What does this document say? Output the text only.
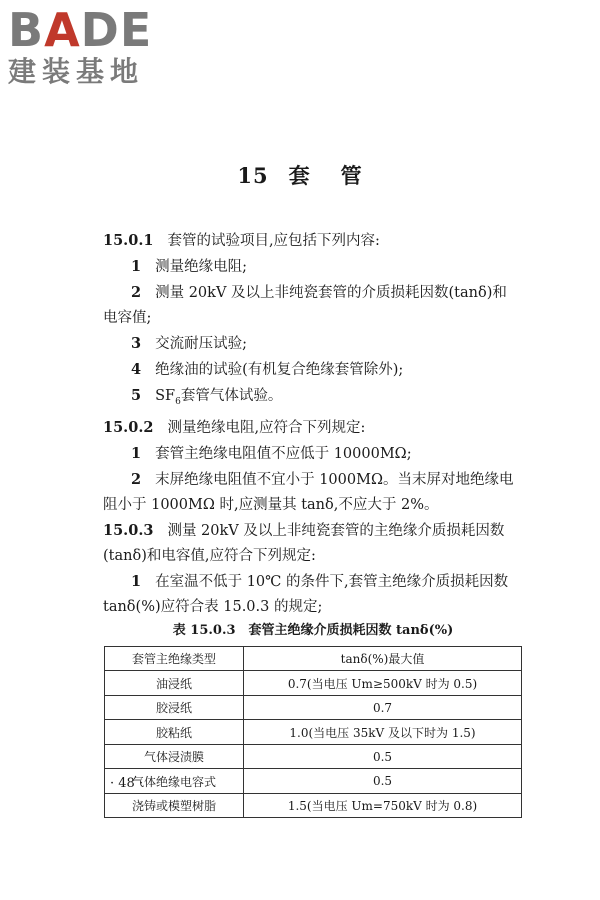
BADE
建装基地
15 套 管

15.0.1 套管的试验项目,应包括下列内容:

1 测量绝缘电阻;

2 测量 20kV 及以上非纯瓷套管的介质损耗因数(tanδ)和

电容值;

3 交流耐压试验;

4 绝缘油的试验(有机复合绝缘套管除外);

5 $SF_6$套管气体试验。

15.0.2 测量绝缘电阻,应符合下列规定:

1 套管主绝缘电阻值不应低于 10000MΩ;

2 末屏绝缘电阻值不宜小于 1000MΩ。当末屏对地绝缘电

阻小于 1000MΩ 时,应测量其 tanδ,不应大于 2%。

15.0.3 测量 20kV 及以上非纯瓷套管的主绝缘介质损耗因数

(tanδ)和电容值,应符合下列规定:

1 在室温不低于 10℃ 的条件下,套管主绝缘介质损耗因数

tanδ(%)应符合表 15.0.3 的规定;

表 15.0.3　套管主绝缘介质损耗因数 tanδ(%)
套管主绝缘类型	tanδ(%)最大值
油浸纸	0.7(当电压 Um≥500kV 时为 0.5)
胶浸纸	0.7
胶粘纸	1.0(当电压 35kV 及以下时为 1.5)
气体浸渍膜	0.5
气体绝缘电容式	0.5
浇铸或模塑树脂	1.5(当电压 Um=750kV 时为 0.8)
· 48 ·
